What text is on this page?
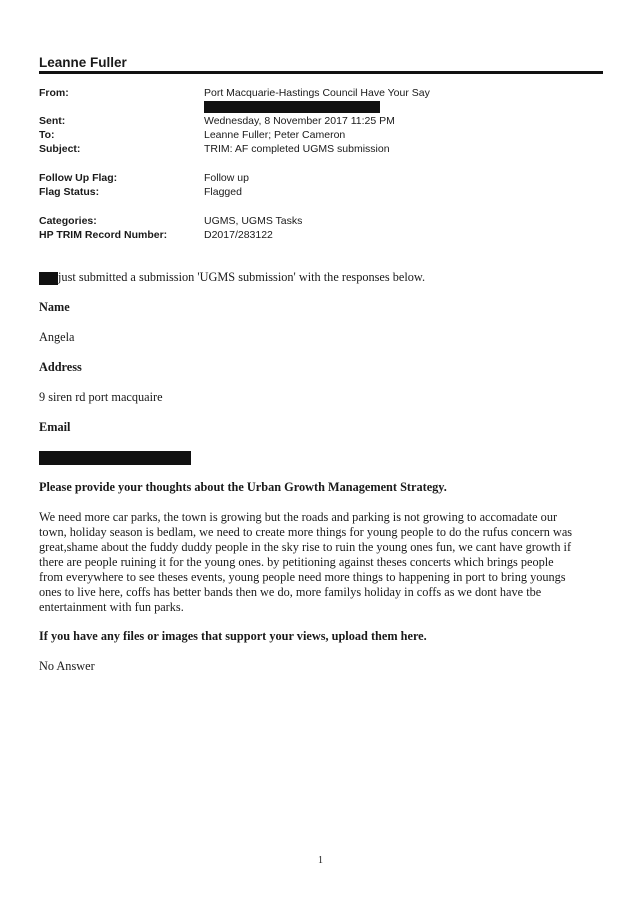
Leanne Fuller
From:	Port Macquarie-Hastings Council Have Your Say
Sent:	Wednesday, 8 November 2017 11:25 PM
To:	Leanne Fuller; Peter Cameron
Subject:	TRIM: AF completed UGMS submission
Follow Up Flag:	Follow up
Flag Status:	Flagged
Categories:	UGMS, UGMS Tasks
HP TRIM Record Number:	D2017/283122
just submitted a submission 'UGMS submission' with the responses below.
Name
Angela
Address
9 siren rd port macquaire
Email
Please provide your thoughts about the Urban Growth Management Strategy.
We need more car parks, the town is growing but the roads and parking is not growing to accomadate our
town, holiday season is bedlam, we need to create more things for young people to do the rufus concern was
great,shame about the fuddy duddy people in the sky rise to ruin the young ones fun, we cant have growth if
there are people ruining it for the young ones. by petitioning against theses concerts which brings people
from everywhere to see theses events, young people need more things to happening in port to bring youngs
ones to live here, coffs has better bands then we do, more familys holiday in coffs as we dont have tbe
entertainment with fun parks.
If you have any files or images that support your views, upload them here.
No Answer
1
